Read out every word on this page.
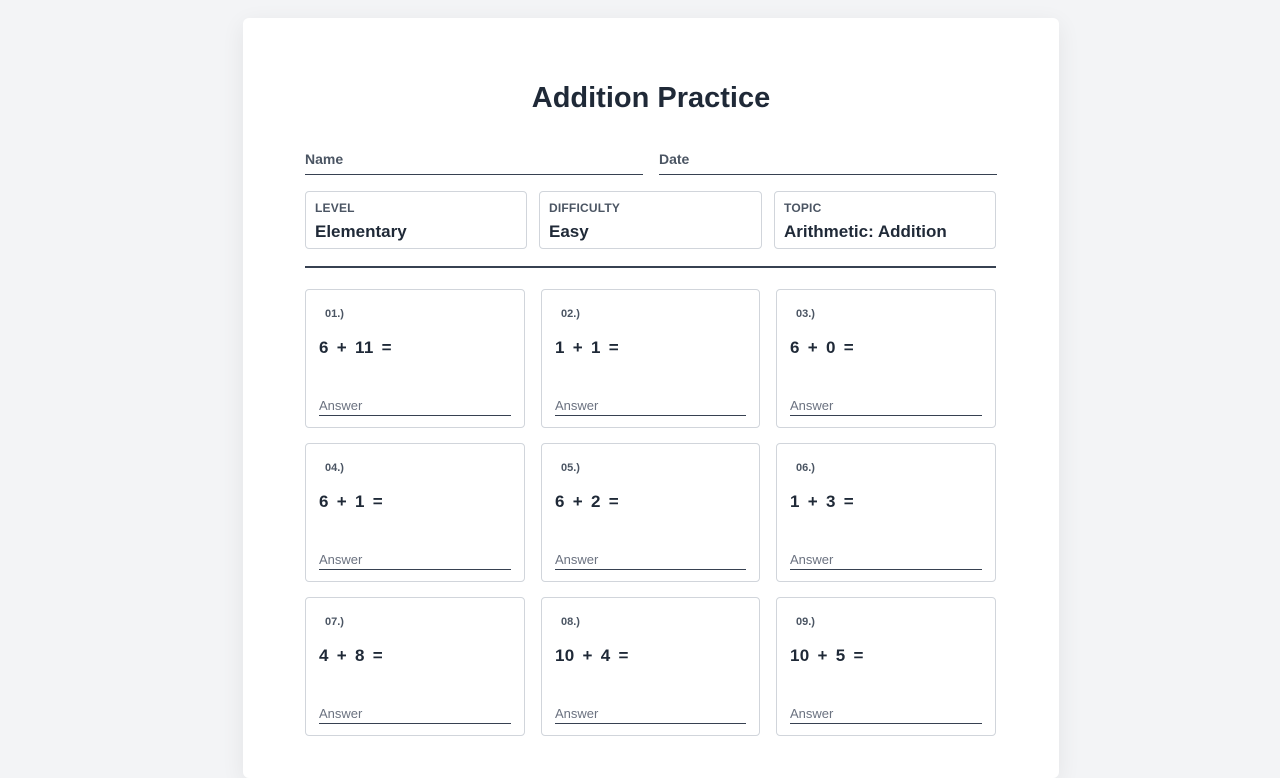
Addition Practice
Name	Date
LEVEL
Elementary
DIFFICULTY
Easy
TOPIC
Arithmetic: Addition
01.)
6 + 11 =
Answer
02.)
1 + 1 =
Answer
03.)
6 + 0 =
Answer
04.)
6 + 1 =
Answer
05.)
6 + 2 =
Answer
06.)
1 + 3 =
Answer
07.)
4 + 8 =
Answer
08.)
10 + 4 =
Answer
09.)
10 + 5 =
Answer
